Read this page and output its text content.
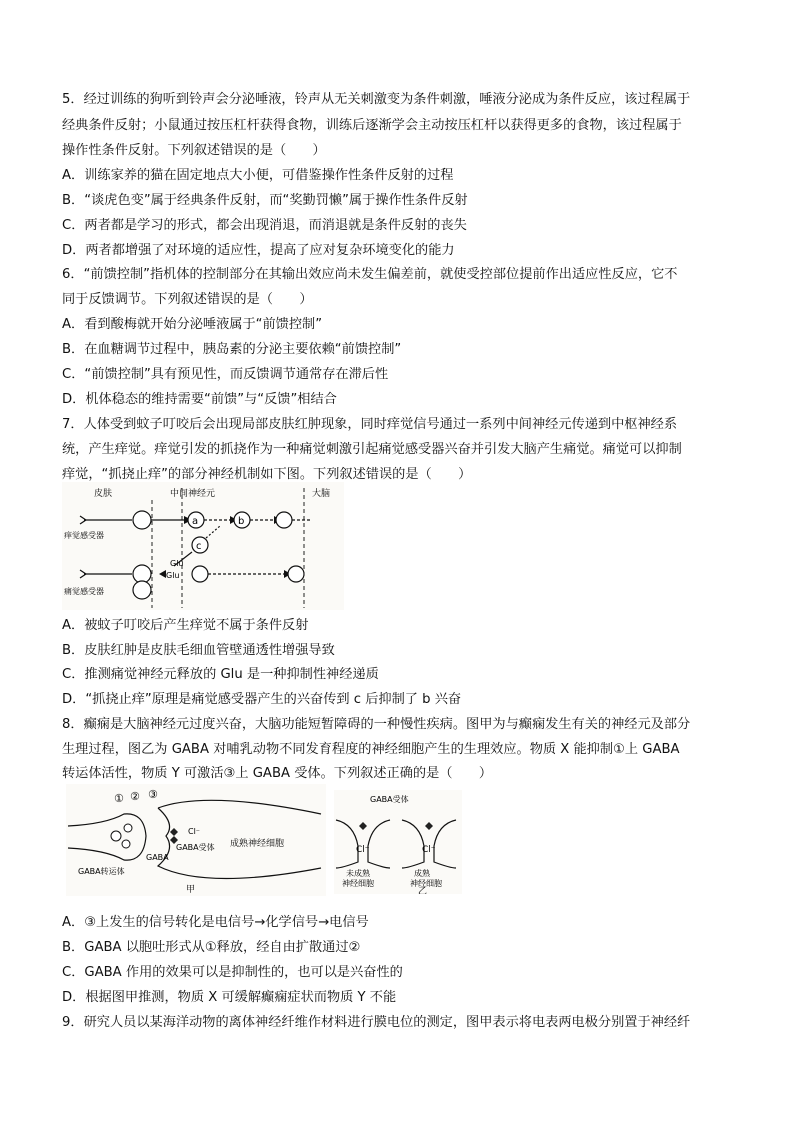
5．经过训练的狗听到铃声会分泌唾液，铃声从无关刺激变为条件刺激，唾液分泌成为条件反应，该过程属于
经典条件反射；小鼠通过按压杠杆获得食物，训练后逐渐学会主动按压杠杆以获得更多的食物，该过程属于
操作性条件反射。下列叙述错误的是（　　）
A．训练家养的猫在固定地点大小便，可借鉴操作性条件反射的过程
B．“谈虎色变”属于经典条件反射，而“奖勤罚懒”属于操作性条件反射
C．两者都是学习的形式，都会出现消退，而消退就是条件反射的丧失
D．两者都增强了对环境的适应性，提高了应对复杂环境变化的能力
6．“前馈控制”指机体的控制部分在其输出效应尚未发生偏差前，就使受控部位提前作出适应性反应，它不
同于反馈调节。下列叙述错误的是（　　）
A．看到酸梅就开始分泌唾液属于“前馈控制”
B．在血糖调节过程中，胰岛素的分泌主要依赖“前馈控制”
C．“前馈控制”具有预见性，而反馈调节通常存在滞后性
D．机体稳态的维持需要“前馈”与“反馈”相结合
7．人体受到蚊子叮咬后会出现局部皮肤红肿现象，同时痒觉信号通过一系列中间神经元传递到中枢神经系
统，产生痒觉。痒觉引发的抓挠作为一种痛觉刺激引起痛觉感受器兴奋并引发大脑产生痛觉。痛觉可以抑制
痒觉，“抓挠止痒”的部分神经机制如下图。下列叙述错误的是（　　）
皮肤	中间神经元	大脑
a	b
痒觉感受器
c
Glu
Glu
痛觉感受器
A．被蚊子叮咬后产生痒觉不属于条件反射
B．皮肤红肿是皮肤毛细血管壁通透性增强导致
C．推测痛觉神经元释放的 Glu 是一种抑制性神经递质
D．“抓挠止痒”原理是痛觉感受器产生的兴奋传到 c 后抑制了 b 兴奋
8．癫痫是大脑神经元过度兴奋，大脑功能短暂障碍的一种慢性疾病。图甲为与癫痫发生有关的神经元及部分
生理过程，图乙为 GABA 对哺乳动物不同发育程度的神经细胞产生的生理效应。物质 X 能抑制①上 GABA
转运体活性，物质 Y 可激活③上 GABA 受体。下列叙述正确的是（　　）
① ② ③
Cl⁻
GABA受体
GABA
GABA转运体
成熟神经细胞
甲
GABA受体
Cl⁻	Cl⁻
未成熟
神经细胞
成熟
神经细胞
乙
A．③上发生的信号转化是电信号→化学信号→电信号
B．GABA 以胞吐形式从①释放，经自由扩散通过②
C．GABA 作用的效果可以是抑制性的，也可以是兴奋性的
D．根据图甲推测，物质 X 可缓解癫痫症状而物质 Y 不能
9．研究人员以某海洋动物的离体神经纤维作材料进行膜电位的测定，图甲表示将电表两电极分别置于神经纤
